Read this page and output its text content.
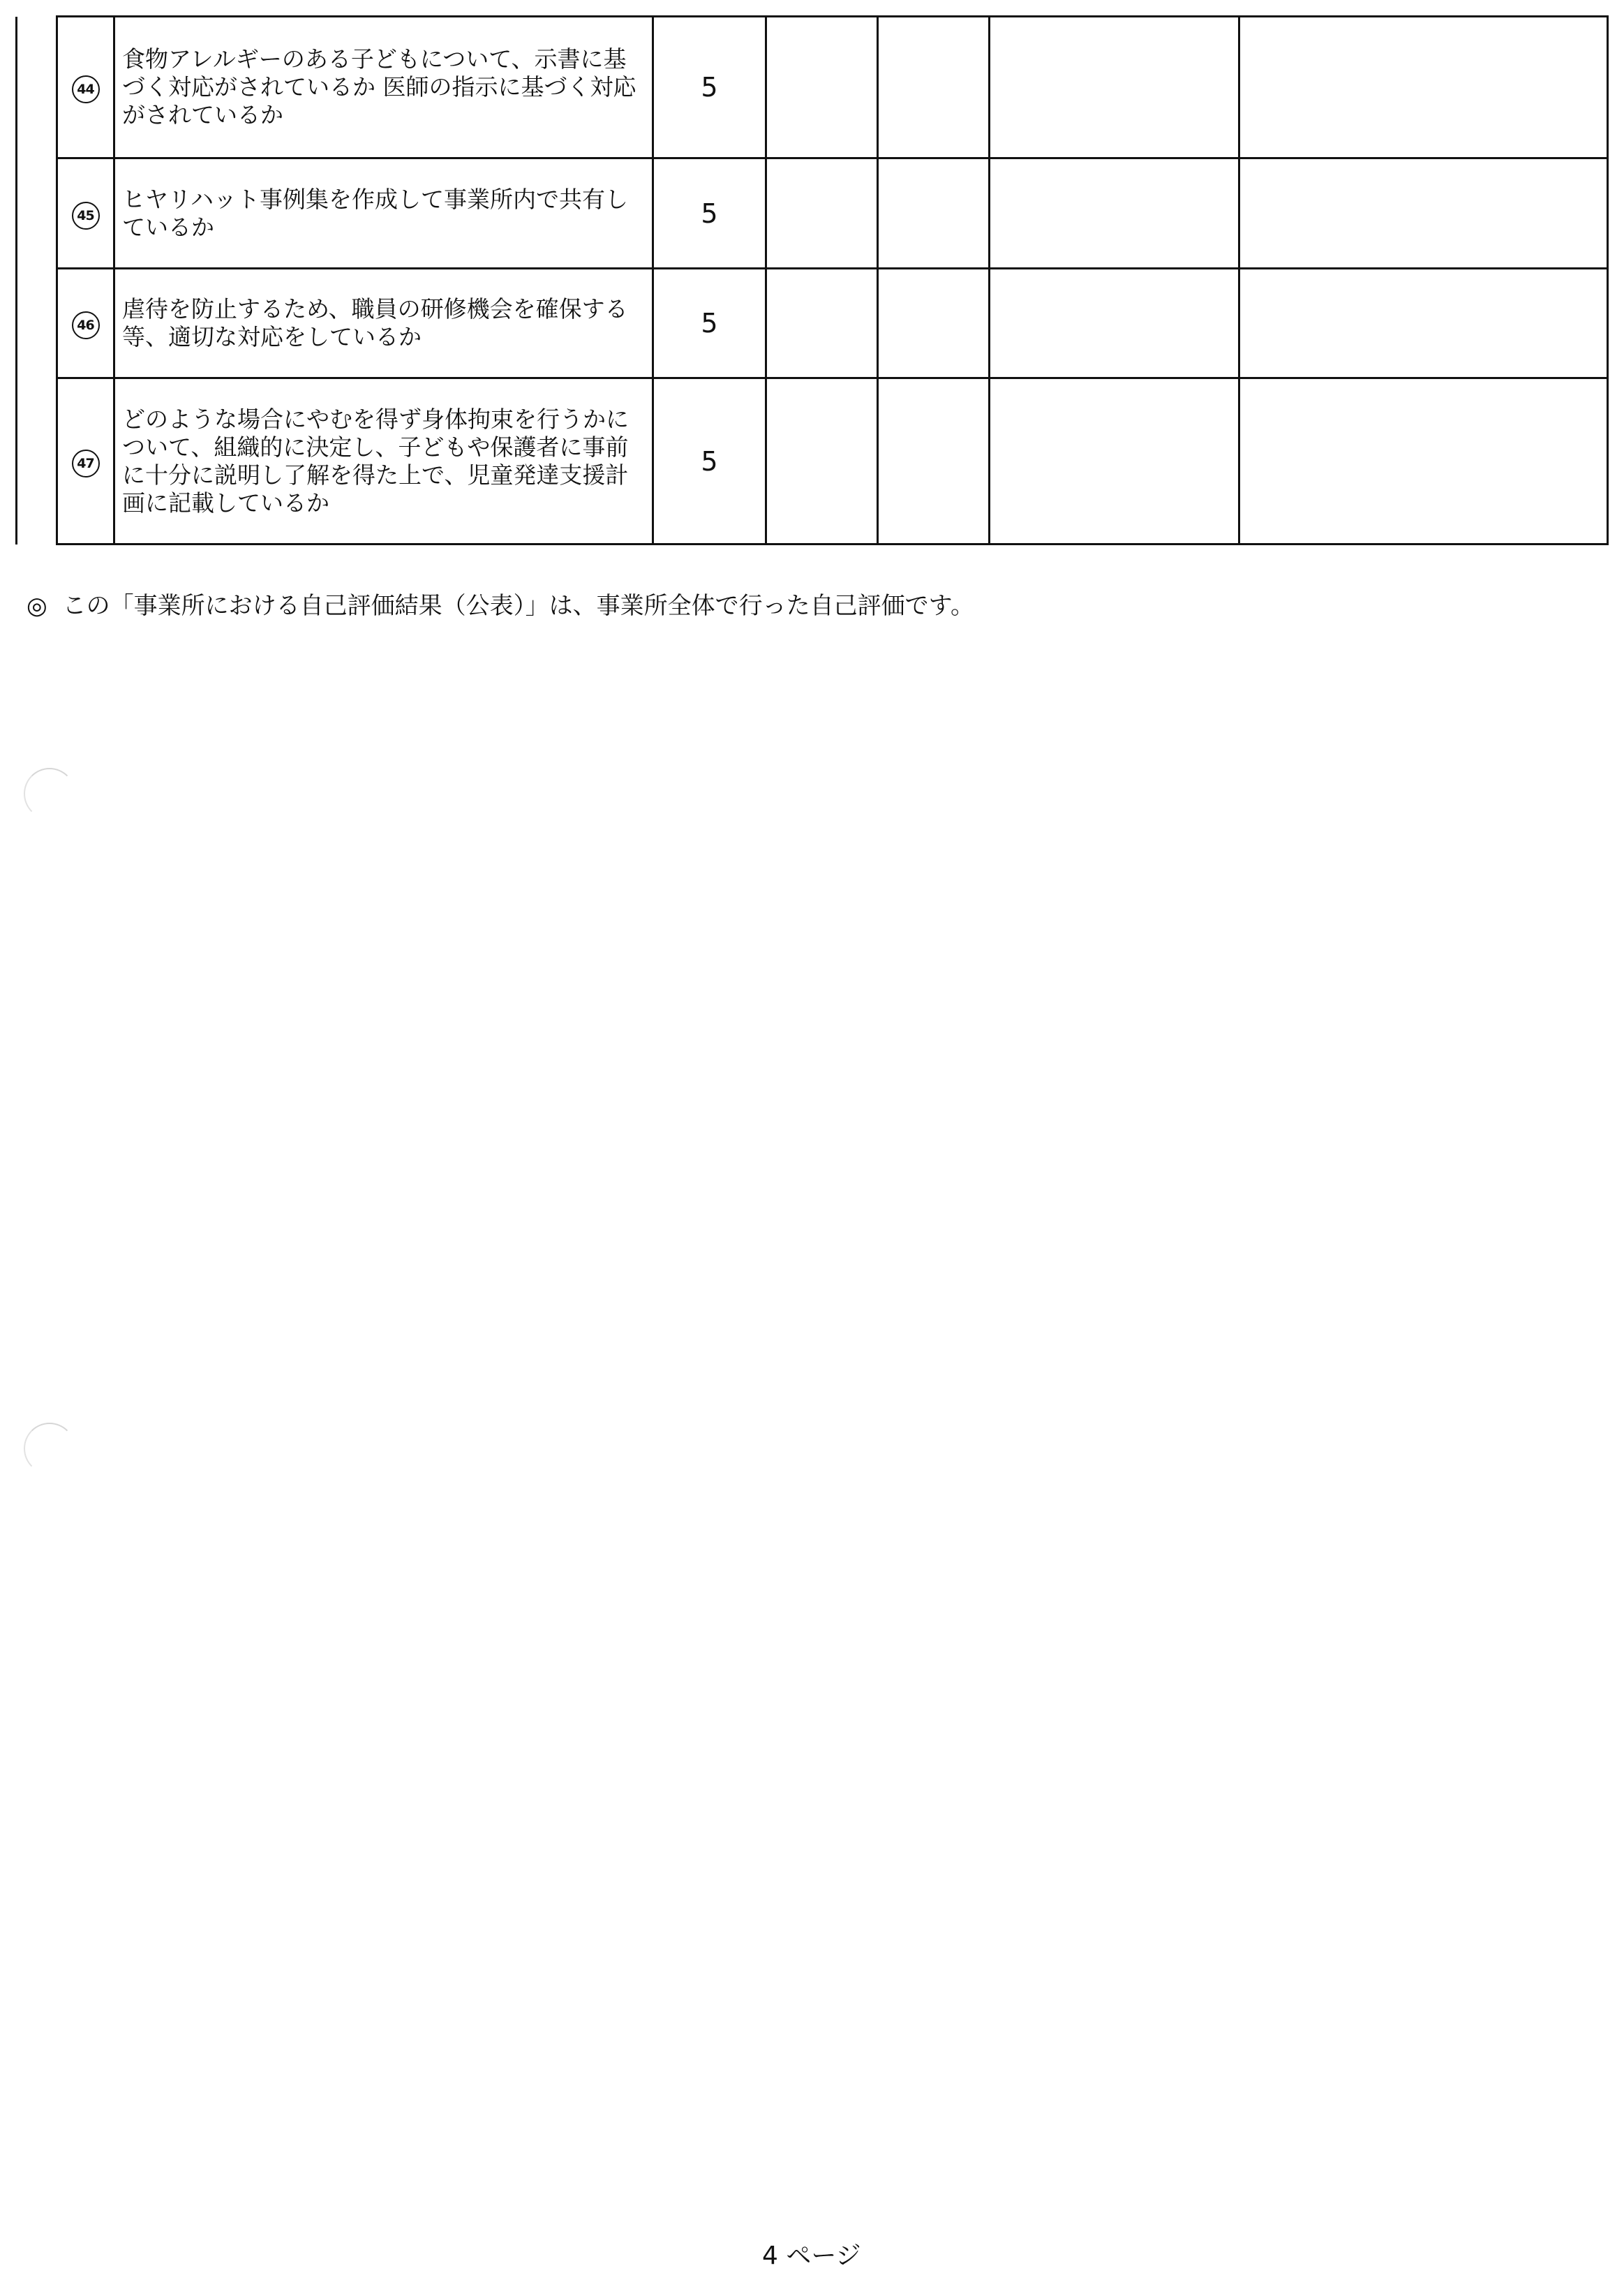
	44	食物アレルギーのある子どもについて、示書に基づく対応がされているか 医師の指示に基づく対応がされているか	5				
	45	ヒヤリハット事例集を作成して事業所内で共有しているか	5				
	46	虐待を防止するため、職員の研修機会を確保する等、適切な対応をしているか	5				
	47	どのような場合にやむを得ず身体拘束を行うかについて、組織的に決定し、子どもや保護者に事前に十分に説明し了解を得た上で、児童発達支援計画に記載しているか	5				
◎ この「事業所における自己評価結果（公表）」は、事業所全体で行った自己評価です。
4 ページ
